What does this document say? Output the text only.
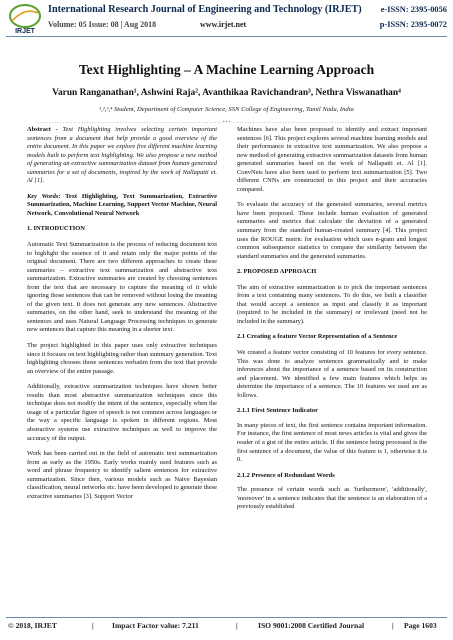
IRJET
International Research Journal of Engineering and Technology (IRJET)
Volume: 05 Issue: 08 | Aug 2018	www.irjet.net
e-ISSN: 2395-0056
p-ISSN: 2395-0072
Text Highlighting – A Machine Learning Approach
Varun Ranganathan¹, Ashwini Raja², Avanthikaa Ravichandran³, Nethra Viswanathan⁴
¹,²,³,⁴ Student, Department of Computer Science, SSN College of Engineering, Tamil Nadu, India
---------------------------------------------------------------------***---------------------------------------------------------------------

Abstract - Text Highlighting involves selecting certain important sentences from a document that help provide a good overview of the entire document. In this paper we explore five different machine learning models built to perform text highlighting. We also propose a new method of generating an extractive summarization dataset from human generated summaries for a set of documents, inspired by the work of Nallapatti et. Al [1].

Key Words: Text Highlighting, Text Summarization, Extractive Summarization, Machine Learning, Support Vector Machine, Neural Network, Convolutional Neural Network

1. INTRODUCTION

Automatic Text Summarization is the process of reducing document text to highlight the essence of it and retain only the major points of the original document. There are two different approaches to create these summaries – extractive text summarization and abstractive text summarization. Extractive summaries are created by choosing sentences from the text that are necessary to capture the meaning of it while ignoring those sentences that can be removed without losing the meaning of the given text. It does not generate any new sentences. Abstractive summaries, on the other hand, seek to understand the meaning of the sentences and uses Natural Language Processing techniques to generate new sentences that capture this meaning in a shorter text.

The project highlighted in this paper uses only extractive techniques since it focuses on text highlighting rather than summary generation. Text highlighting chooses those sentences verbatim from the text that provide an overview of the entire passage.

Additionally, extractive summarization techniques have shown better results than most abstractive summarization techniques since this technique does not modify the intent of the sentence, especially when the usage of a particular figure of speech is not common across languages or the way a specific language is spoken in different regions. Most abstractive systems use extractive techniques as well to improve the accuracy of the output.

Work has been carried out in the field of automatic text summarization from as early as the 1950s. Early works mainly used features such as word and phrase frequency to identify salient sentences for extractive summarization. Since then, various models such as Naive Bayesian classification, neural networks etc. have been developed to generate these extractive summaries [3]. Support Vector

Machines have also been proposed to identify and extract important sentences [6]. This project explores several machine learning models and their performance in extractive text summarization. We also propose a new method of generating extractive summarization datasets from human generated summaries based on the work of Nallapatti et. Al [1]. ConvNets have also been used to perform text summarization [5]. Two different CNNs are constructed in this project and their accuracies compared.

To evaluate the accuracy of the generated summaries, several metrics have been proposed. These include human evaluation of generated summaries and metrics that calculate the deviation of a generated summary from the standard human-created summary [4]. This project uses the ROUGE metric for evaluation which uses n-gram and longest common subsequence statistics to compare the similarity between the standard summaries and the generated summaries.

2. PROPOSED APPROACH

The aim of extractive summarization is to pick the important sentences from a text containing many sentences. To do this, we built a classifier that would accept a sentence as input and classify it as important (required to be included in the summary) or irrelevant (need not be included in the summary).

2.1 Creating a feature Vector Representation of a Sentence

We created a feature vector consisting of 10 features for every sentence. This was done to analyze sentences grammatically and to make inferences about the importance of a sentence based on its construction and placement. We identified a few main features which helps us determine the importance of a sentence. The 10 features we used are as follows.

2.1.1 First Sentence Indicator

In many pieces of text, the first sentence contains important information. For instance, the first sentence of most news articles is vital and gives the reader of a gist of the entire article. If the sentence being processed is the first sentence of a document, the value of this feature is 1, otherwise it is 0.

2.1.2 Presence of Redundant Words

The presence of certain words such as 'furthermore', 'additionally', 'moreover' in a sentence indicates that the sentence is an elaboration of a previously established

© 2018, IRJET	| Impact Factor value: 7.211	|	ISO 9001:2008 Certified Journal	| Page 1603
